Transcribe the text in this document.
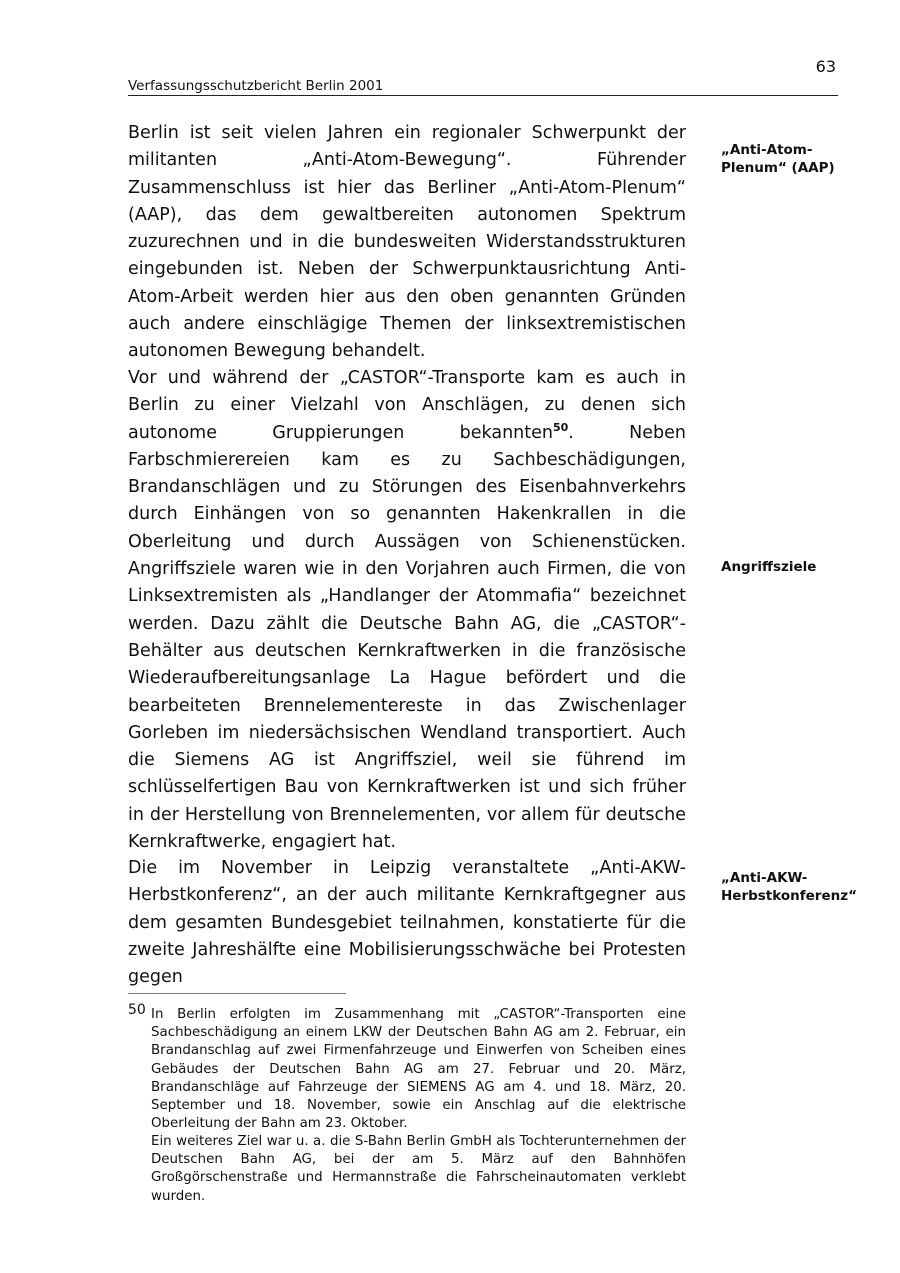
63
Verfassungsschutzbericht Berlin 2001

Berlin ist seit vielen Jahren ein regionaler Schwerpunkt der militanten „Anti-Atom-Bewegung“. Führender Zusammenschluss ist hier das Berliner „Anti-Atom-Plenum“ (AAP), das dem gewaltbereiten autonomen Spektrum zuzurechnen und in die bundesweiten Widerstandsstrukturen eingebunden ist. Neben der Schwerpunktausrichtung Anti-Atom-Arbeit werden hier aus den oben genannten Gründen auch andere einschlägige Themen der linksextremistischen autonomen Bewegung behandelt.

Vor und während der „CASTOR“-Transporte kam es auch in Berlin zu einer Vielzahl von Anschlägen, zu denen sich autonome Gruppierungen bekannten$^{50}$. Neben Farbschmierereien kam es zu Sachbeschädigungen, Brandanschlägen und zu Störungen des Eisenbahnverkehrs durch Einhängen von so genannten Hakenkrallen in die Oberleitung und durch Aussägen von Schienenstücken. Angriffsziele waren wie in den Vorjahren auch Firmen, die von Linksextremisten als „Handlanger der Atommafia“ bezeichnet werden. Dazu zählt die Deutsche Bahn AG, die „CASTOR“-Behälter aus deutschen Kernkraftwerken in die französische Wiederaufbereitungsanlage La Hague befördert und die bearbeiteten Brennelementereste in das Zwischenlager Gorleben im niedersächsischen Wendland transportiert. Auch die Siemens AG ist Angriffsziel, weil sie führend im schlüsselfertigen Bau von Kernkraftwerken ist und sich früher in der Herstellung von Brennelementen, vor allem für deutsche Kernkraftwerke, engagiert hat.

Die im November in Leipzig veranstaltete „Anti-AKW-Herbstkonferenz“, an der auch militante Kernkraftgegner aus dem gesamten Bundesgebiet teilnahmen, konstatierte für die zweite Jahreshälfte eine Mobilisierungsschwäche bei Protesten gegen

„Anti-Atom-Plenum“ (AAP)

Angriffsziele

„Anti-AKW-Herbstkonferenz“

50 In Berlin erfolgten im Zusammenhang mit „CASTOR“-Transporten eine Sachbeschädigung an einem LKW der Deutschen Bahn AG am 2. Februar, ein Brandanschlag auf zwei Firmenfahrzeuge und Einwerfen von Scheiben eines Gebäudes der Deutschen Bahn AG am 27. Februar und 20. März, Brandanschläge auf Fahrzeuge der SIEMENS AG am 4. und 18. März, 20. September und 18. November, sowie ein Anschlag auf die elektrische Oberleitung der Bahn am 23. Oktober.

Ein weiteres Ziel war u. a. die S-Bahn Berlin GmbH als Tochterunternehmen der Deutschen Bahn AG, bei der am 5. März auf den Bahnhöfen Großgörschenstraße und Hermannstraße die Fahrscheinautomaten verklebt wurden.
